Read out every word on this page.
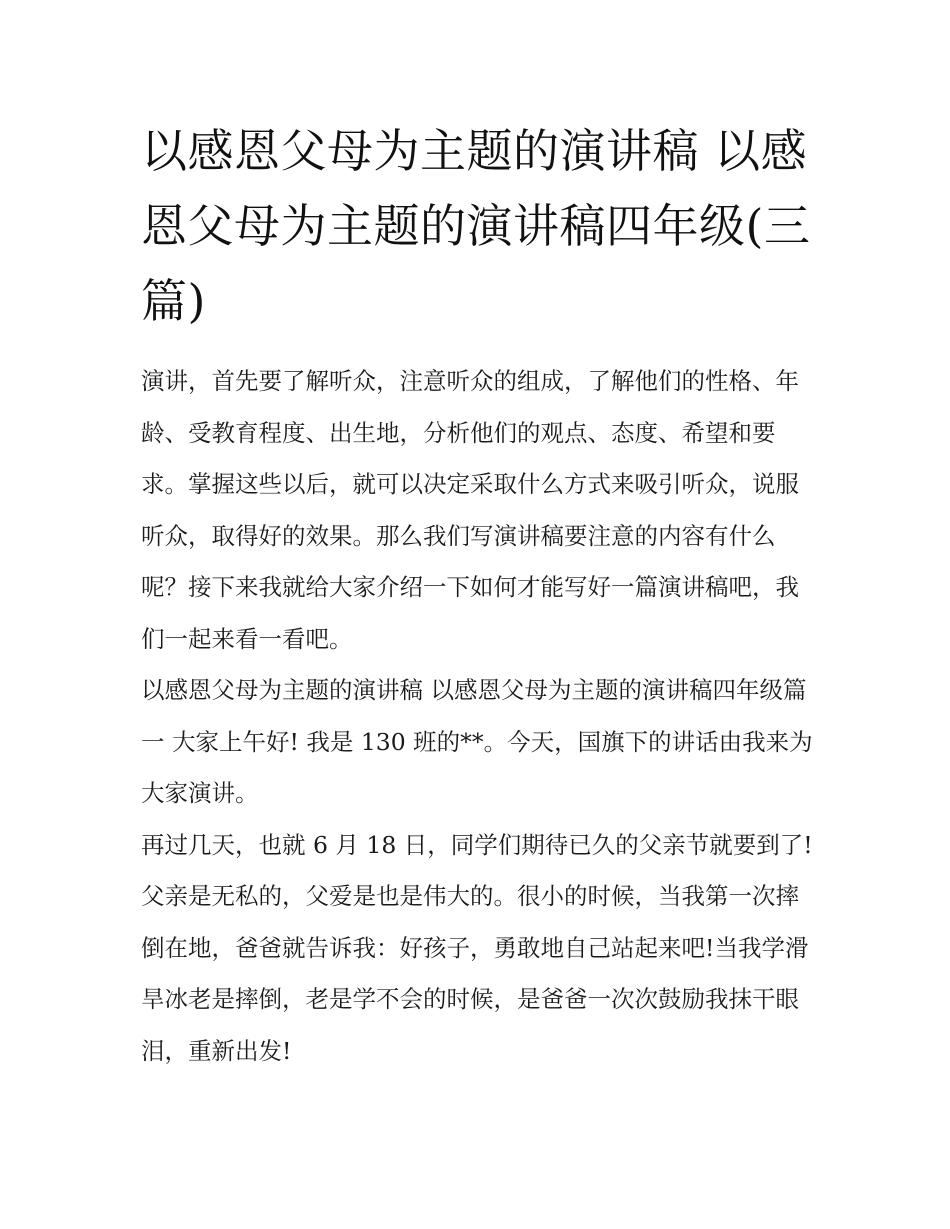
以感恩父母为主题的演讲稿 以感恩父母为主题的演讲稿四年级(三篇)

演讲，首先要了解听众，注意听众的组成，了解他们的性格、年龄、受教育程度、出生地，分析他们的观点、态度、希望和要求。掌握这些以后，就可以决定采取什么方式来吸引听众，说服听众，取得好的效果。那么我们写演讲稿要注意的内容有什么呢？接下来我就给大家介绍一下如何才能写好一篇演讲稿吧，我们一起来看一看吧。

以感恩父母为主题的演讲稿 以感恩父母为主题的演讲稿四年级篇一 大家上午好! 我是 130 班的**。今天，国旗下的讲话由我来为大家演讲。

再过几天，也就 6 月 18 日，同学们期待已久的父亲节就要到了!

父亲是无私的，父爱是也是伟大的。很小的时候，当我第一次摔倒在地，爸爸就告诉我：好孩子，勇敢地自己站起来吧!当我学滑旱冰老是摔倒，老是学不会的时候，是爸爸一次次鼓励我抹干眼泪，重新出发!
